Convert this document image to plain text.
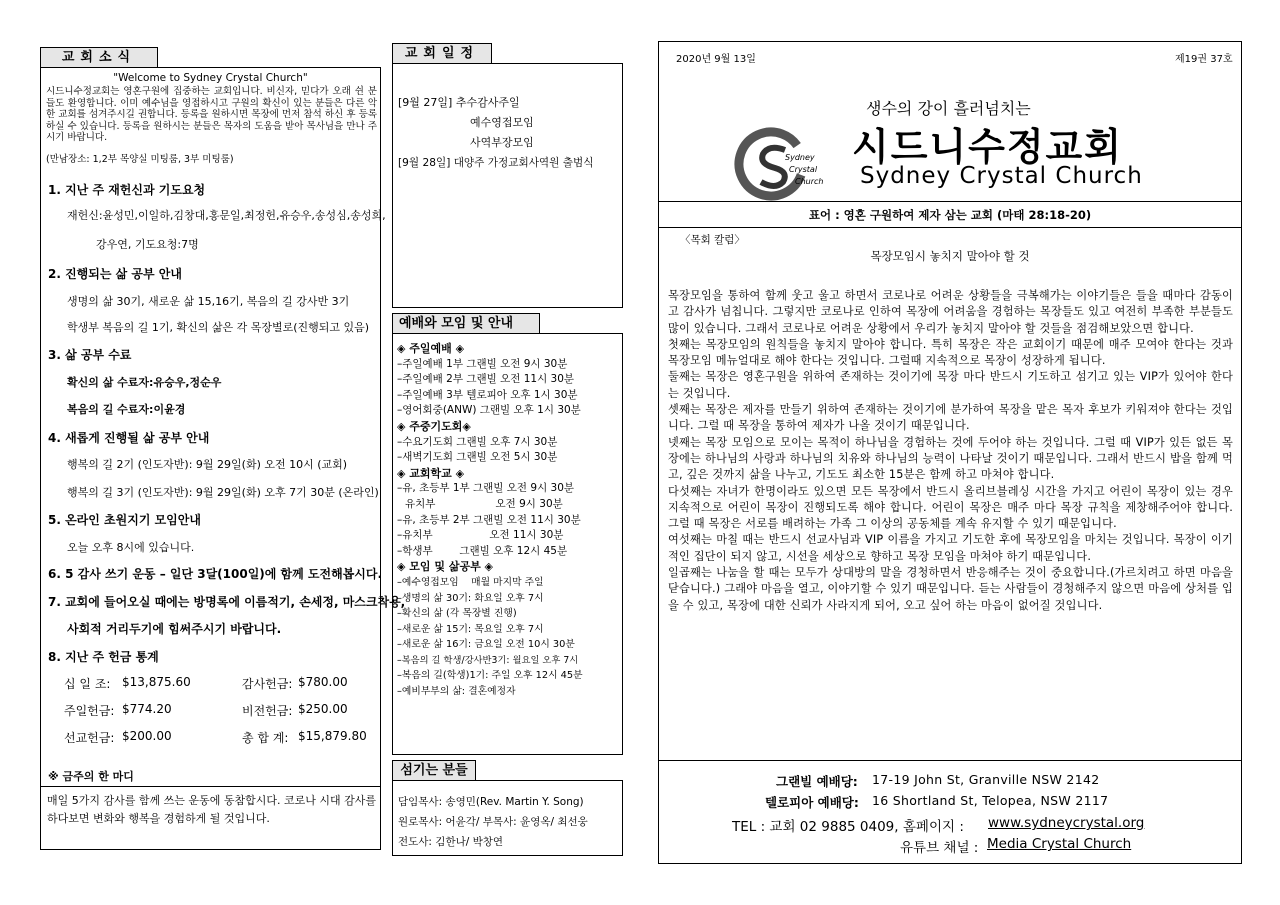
교회소식
"Welcome to Sydney Crystal Church"
시드니수정교회는 영혼구원에 집중하는 교회입니다. 비신자, 믿다가 오래 쉰 분들도 환영합니다. 이미 예수님을 영접하시고 구원의 확신이 있는 분들은 다른 악한 교회를 섬겨주시길 권합니다. 등록을 원하시면 목장에 먼저 참석 하신 후 등록하실 수 있습니다. 등록을 원하시는 분들은 목자의 도움을 받아 목사님을 만나 주시기 바랍니다.
(만남장소: 1,2부 목양실 미팅룸, 3부 미팅룸)
1. 지난 주 재헌신과 기도요청
재헌신:윤성민,이일하,김창대,홍문일,최정헌,유승우,송성심,송성희,
강우연, 기도요청:7명
2. 진행되는 삶 공부 안내
생명의 삶 30기, 새로운 삶 15,16기, 복음의 길 강사반 3기
학생부 복음의 길 1기, 확신의 삶은 각 목장별로(진행되고 있음)
3. 삶 공부 수료
확신의 삶 수료자:유승우,정순우
복음의 길 수료자:이윤경
4. 새롭게 진행될 삶 공부 안내
행복의 길 2기 (인도자반): 9월 29일(화) 오전 10시 (교회)
행복의 길 3기 (인도자반): 9월 29일(화) 오후 7기 30분 (온라인)
5. 온라인 초원지기 모임안내
오늘 오후 8시에 있습니다.
6. 5 감사 쓰기 운동 – 일단 3달(100일)에 함께 도전해봅시다.
7. 교회에 들어오실 때에는 방명록에 이름적기, 손세정, 마스크착용,
사회적 거리두기에 힘써주시기 바랍니다.
8. 지난 주 헌금 통계
십 일 조: $13,875.60	감사헌금: $780.00
주일헌금: $774.20	비전헌금: $250.00
선교헌금: $200.00	총 합 계: $15,879.80
※ 금주의 한 마디
매일 5가지 감사를 함께 쓰는 운동에 동참합시다. 코로나 시대 감사를 하다보면 변화와 행복을 경험하게 될 것입니다.
교회일정
[9월 27일] 추수감사주일
예수영접모임
사역부장모임
[9월 28일] 대양주 가정교회사역원 출범식
예배와 모임 및 안내
◈ 주일예배 ◈
–주일예배 1부 그랜빌 오전 9시 30분
–주일예배 2부 그랜빌 오전 11시 30분
–주일예배 3부 텔로피아 오후 1시 30분
–영어회중(ANW) 그랜빌 오후 1시 30분
◈ 주중기도회◈
–수요기도회 그랜빌 오후 7시 30분
–새벽기도회 그랜빌 오전 5시 30분
◈ 교회학교 ◈
–유, 초등부 1부 그랜빌 오전 9시 30분
유치부                  오전 9시 30분
–유, 초등부 2부 그랜빌 오전 11시 30분
–유치부                 오전 11시 30분
–학생부        그랜빌 오후 12시 45분
◈ 모임 및 삶공부 ◈
–예수영접모임    매월 마지막 주일
–생명의 삶 30기: 화요일 오후 7시
–확신의 삶 (각 목장별 진행)
–새로운 삶 15기: 목요일 오후 7시
–새로운 삶 16기: 금요일 오전 10시 30분
–복음의 길 학생/강사반3기: 월요일 오후 7시
–복음의 길(학생)1기: 주일 오후 12시 45분
–예비부부의 삶: 결혼예정자
섬기는 분들
담임목사: 송영민(Rev. Martin Y. Song)
원로목사: 어윤각/ 부목사: 윤영옥/ 최선웅
전도사: 김한나/ 박창연
2020년 9월 13일	제19권 37호
생수의 강이 흘러넘치는
Sydney
Crystal
Church
시드니수정교회
Sydney Crystal Church
표어 : 영혼 구원하여 제자 삼는 교회 (마태 28:18-20)
〈목회 칼럼〉
목장모임시 놓치지 말아야 할 것

목장모임을 통하여 함께 웃고 울고 하면서 코로나로 어려운 상황들을 극복해가는 이야기들은 들을 때마다 감동이고 감사가 넘칩니다. 그렇지만 코로나로 인하여 목장에 어려움을 경험하는 목장들도 있고 여전히 부족한 부분들도 많이 있습니다. 그래서 코로나로 어려운 상황에서 우리가 놓치지 말아야 할 것들을 점검해보았으면 합니다.

첫째는 목장모임의 원칙들을 놓치지 말아야 합니다. 특히 목장은 작은 교회이기 때문에 매주 모여야 한다는 것과 목장모임 메뉴얼대로 해야 한다는 것입니다. 그럴때 지속적으로 목장이 성장하게 됩니다.

둘째는 목장은 영혼구원을 위하여 존재하는 것이기에 목장 마다 반드시 기도하고 섬기고 있는 VIP가 있어야 한다는 것입니다.

셋째는 목장은 제자를 만들기 위하여 존재하는 것이기에 분가하여 목장을 맡은 목자 후보가 키워져야 한다는 것입니다. 그럴 때 목장을 통하여 제자가 나올 것이기 때문입니다.

넷째는 목장 모임으로 모이는 목적이 하나님을 경험하는 것에 두어야 하는 것입니다. 그럴 때 VIP가 있든 없든 목장에는 하나님의 사랑과 하나님의 치유와 하나님의 능력이 나타날 것이기 때문입니다. 그래서 반드시 밥을 함께 먹고, 깊은 것까지 삶을 나누고, 기도도 최소한 15분은 함께 하고 마쳐야 합니다.

다섯째는 자녀가 한명이라도 있으면 모든 목장에서 반드시 올리브블레싱 시간을 가지고 어린이 목장이 있는 경우 지속적으로 어린이 목장이 진행되도록 해야 합니다. 어린이 목장은 매주 마다 목장 규칙을 제창해주어야 합니다. 그럴 때 목장은 서로를 배려하는 가족 그 이상의 공동체를 계속 유지할 수 있기 때문입니다.

여섯째는 마칠 때는 반드시 선교사님과 VIP 이름을 가지고 기도한 후에 목장모임을 마치는 것입니다. 목장이 이기적인 집단이 되지 않고, 시선을 세상으로 향하고 목장 모임을 마쳐야 하기 때문입니다.

일곱째는 나눔을 할 때는 모두가 상대방의 말을 경청하면서 반응해주는 것이 중요합니다.(가르치려고 하면 마음을 닫습니다.) 그래야 마음을 열고, 이야기할 수 있기 때문입니다. 듣는 사람들이 경청해주지 않으면 마음에 상처를 입을 수 있고, 목장에 대한 신뢰가 사라지게 되어, 오고 싶어 하는 마음이 없어질 것입니다.

그랜빌 예배당: 17-19 John St, Granville NSW 2142
텔로피아 예배당: 16 Shortland St, Telopea, NSW 2117
TEL : 교회 02 9885 0409, 홈페이지 : www.sydneycrystal.org
유튜브 채널 : Media Crystal Church
